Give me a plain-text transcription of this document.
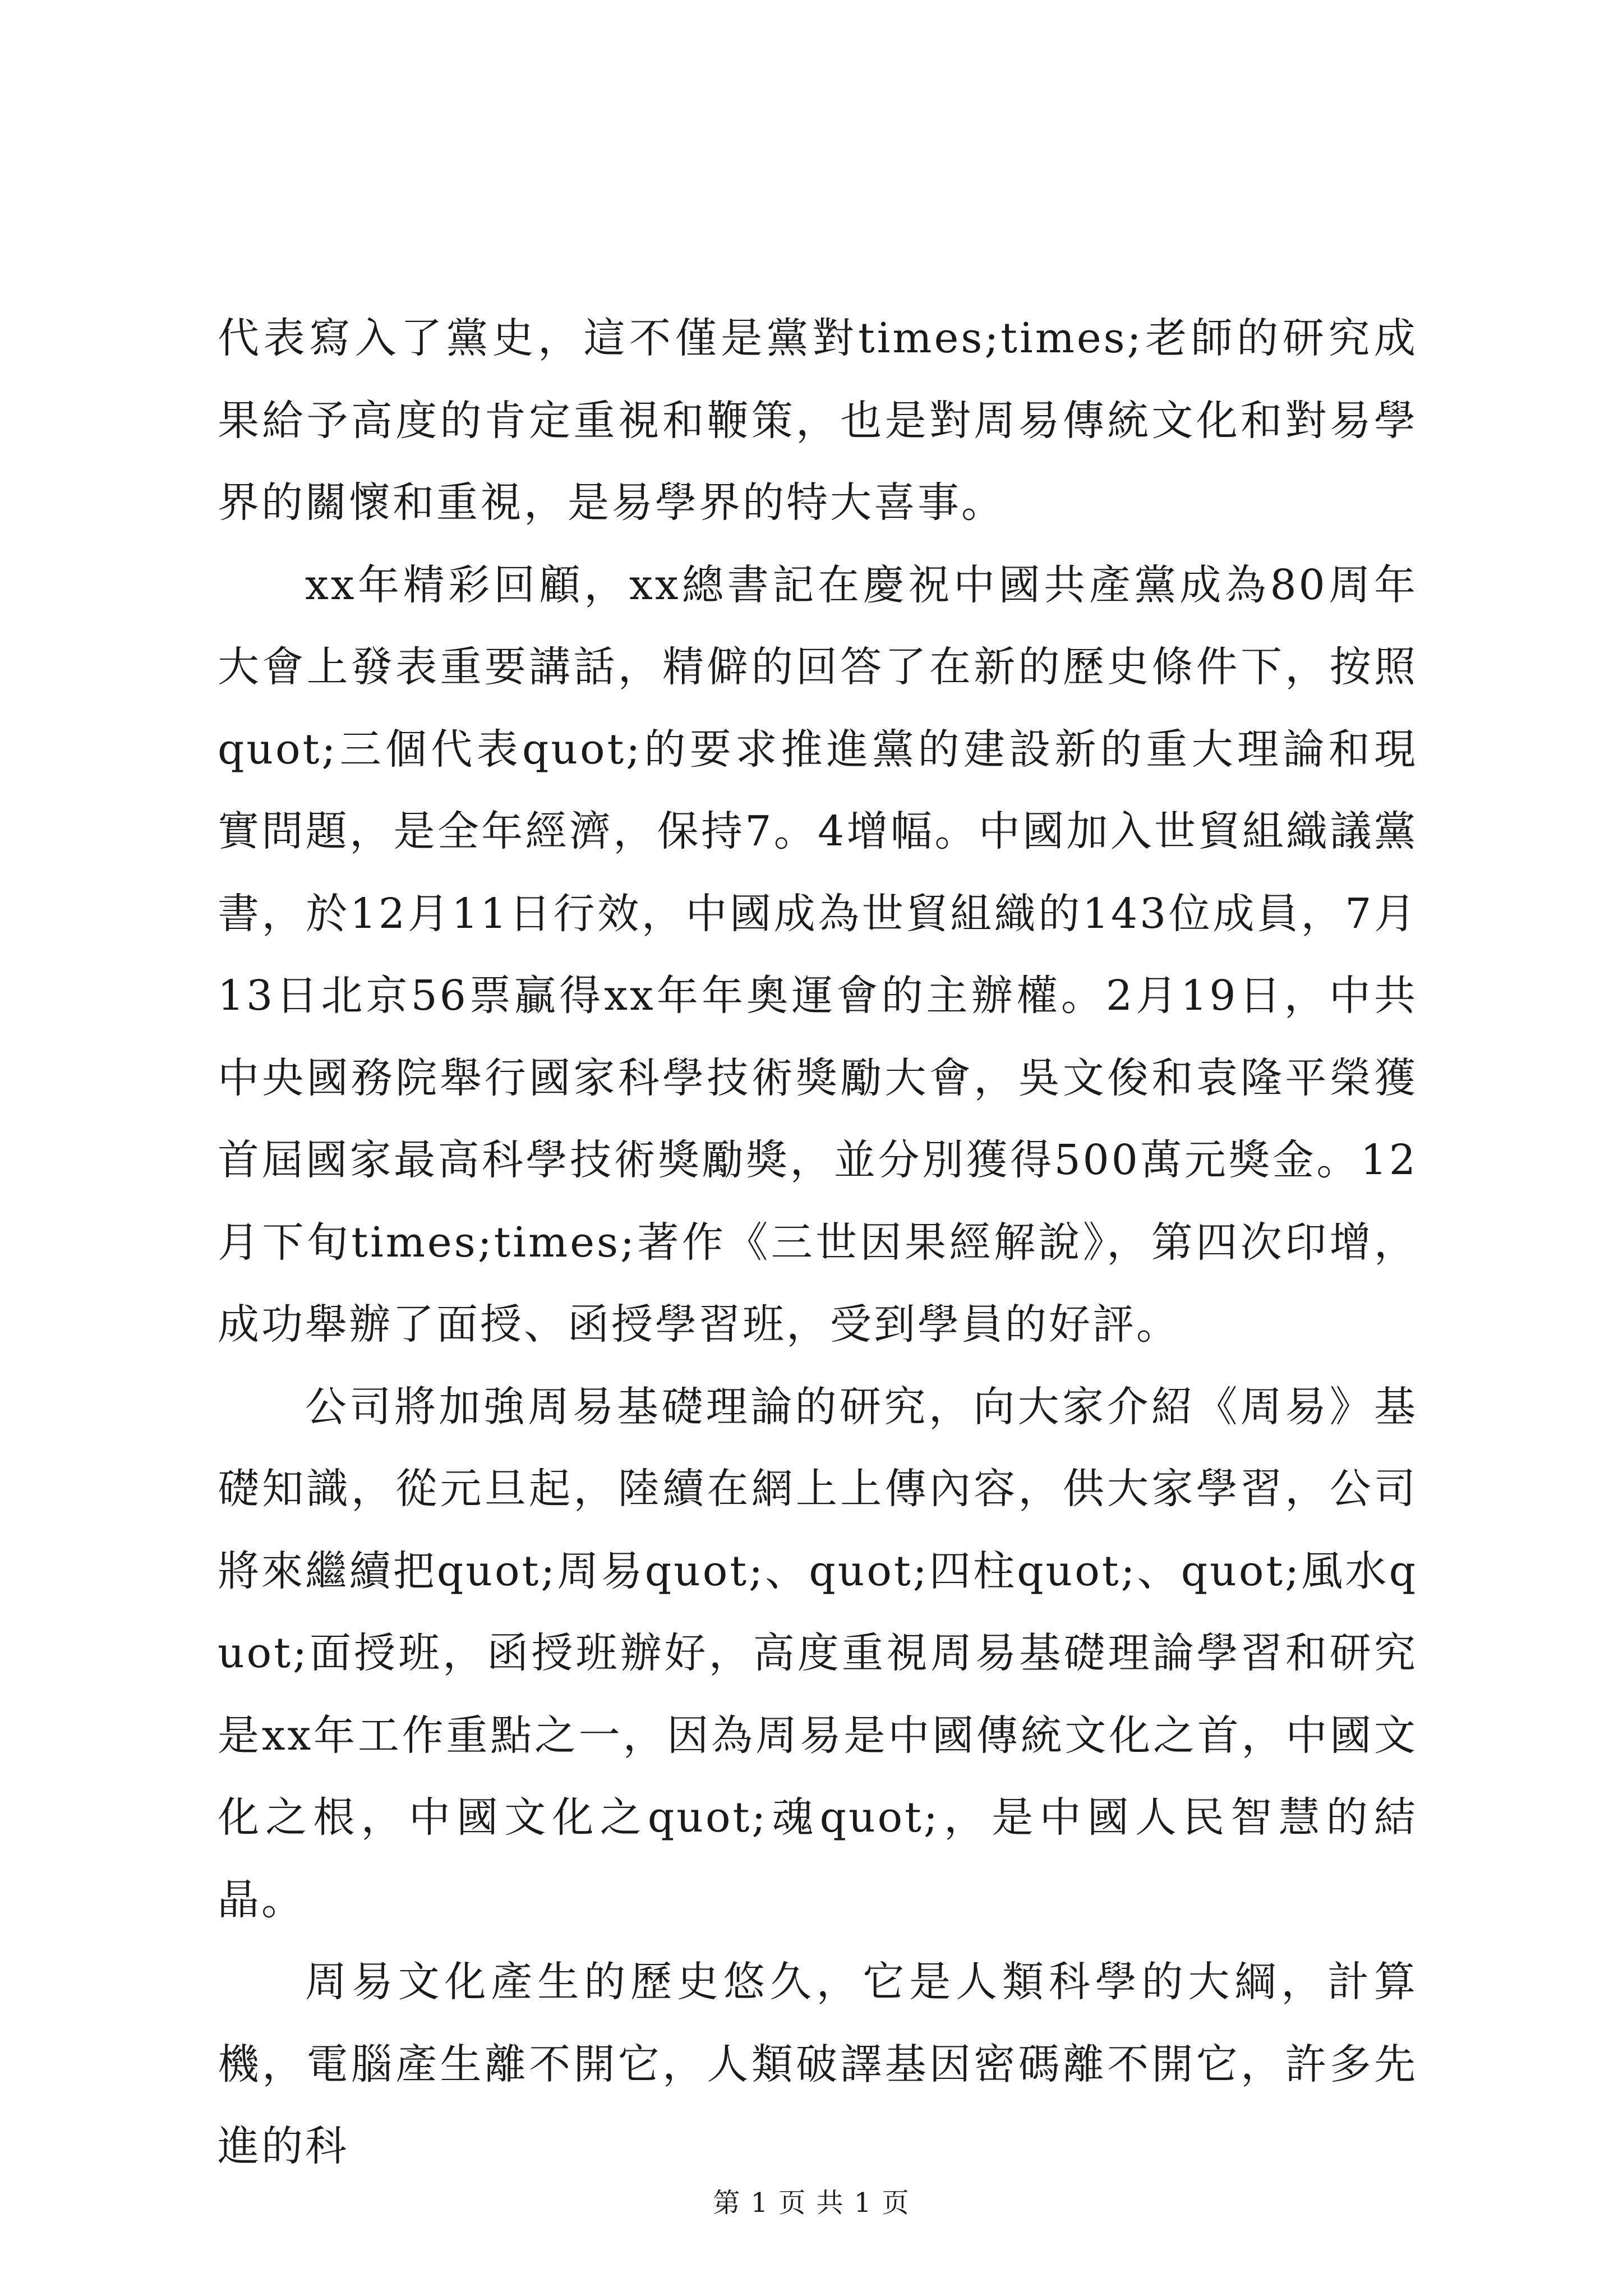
代表寫入了黨史，這不僅是黨對times;times;老師的研究成果給予高度的肯定重視和鞭策，也是對周易傳統文化和對易學界的關懷和重視，是易學界的特大喜事。

xx年精彩回顧，xx總書記在慶祝中國共產黨成為80周年大會上發表重要講話，精僻的回答了在新的歷史條件下，按照quot;三個代表quot;的要求推進黨的建設新的重大理論和現實問題，是全年經濟，保持7。4增幅。中國加入世貿組織議黨書，於12月11日行效，中國成為世貿組織的143位成員，7月13日北京56票贏得xx年年奧運會的主辦權。2月19日，中共中央國務院舉行國家科學技術獎勵大會，吳文俊和袁隆平榮獲首屆國家最高科學技術獎勵獎，並分別獲得500萬元獎金。12月下旬times;times;著作《三世因果經解說》，第四次印增，成功舉辦了面授、函授學習班，受到學員的好評。

公司將加強周易基礎理論的研究，向大家介紹《周易》基礎知識，從元旦起，陸續在網上上傳內容，供大家學習，公司將來繼續把quot;周易quot;、quot;四柱quot;、quot;風水quot;面授班，函授班辦好，高度重視周易基礎理論學習和研究是xx年工作重點之一，因為周易是中國傳統文化之首，中國文化之根，中國文化之quot;魂quot;，是中國人民智慧的結晶。

周易文化產生的歷史悠久，它是人類科學的大綱，計算機，電腦產生離不開它，人類破譯基因密碼離不開它，許多先進的科

第 1 页 共 1 页
